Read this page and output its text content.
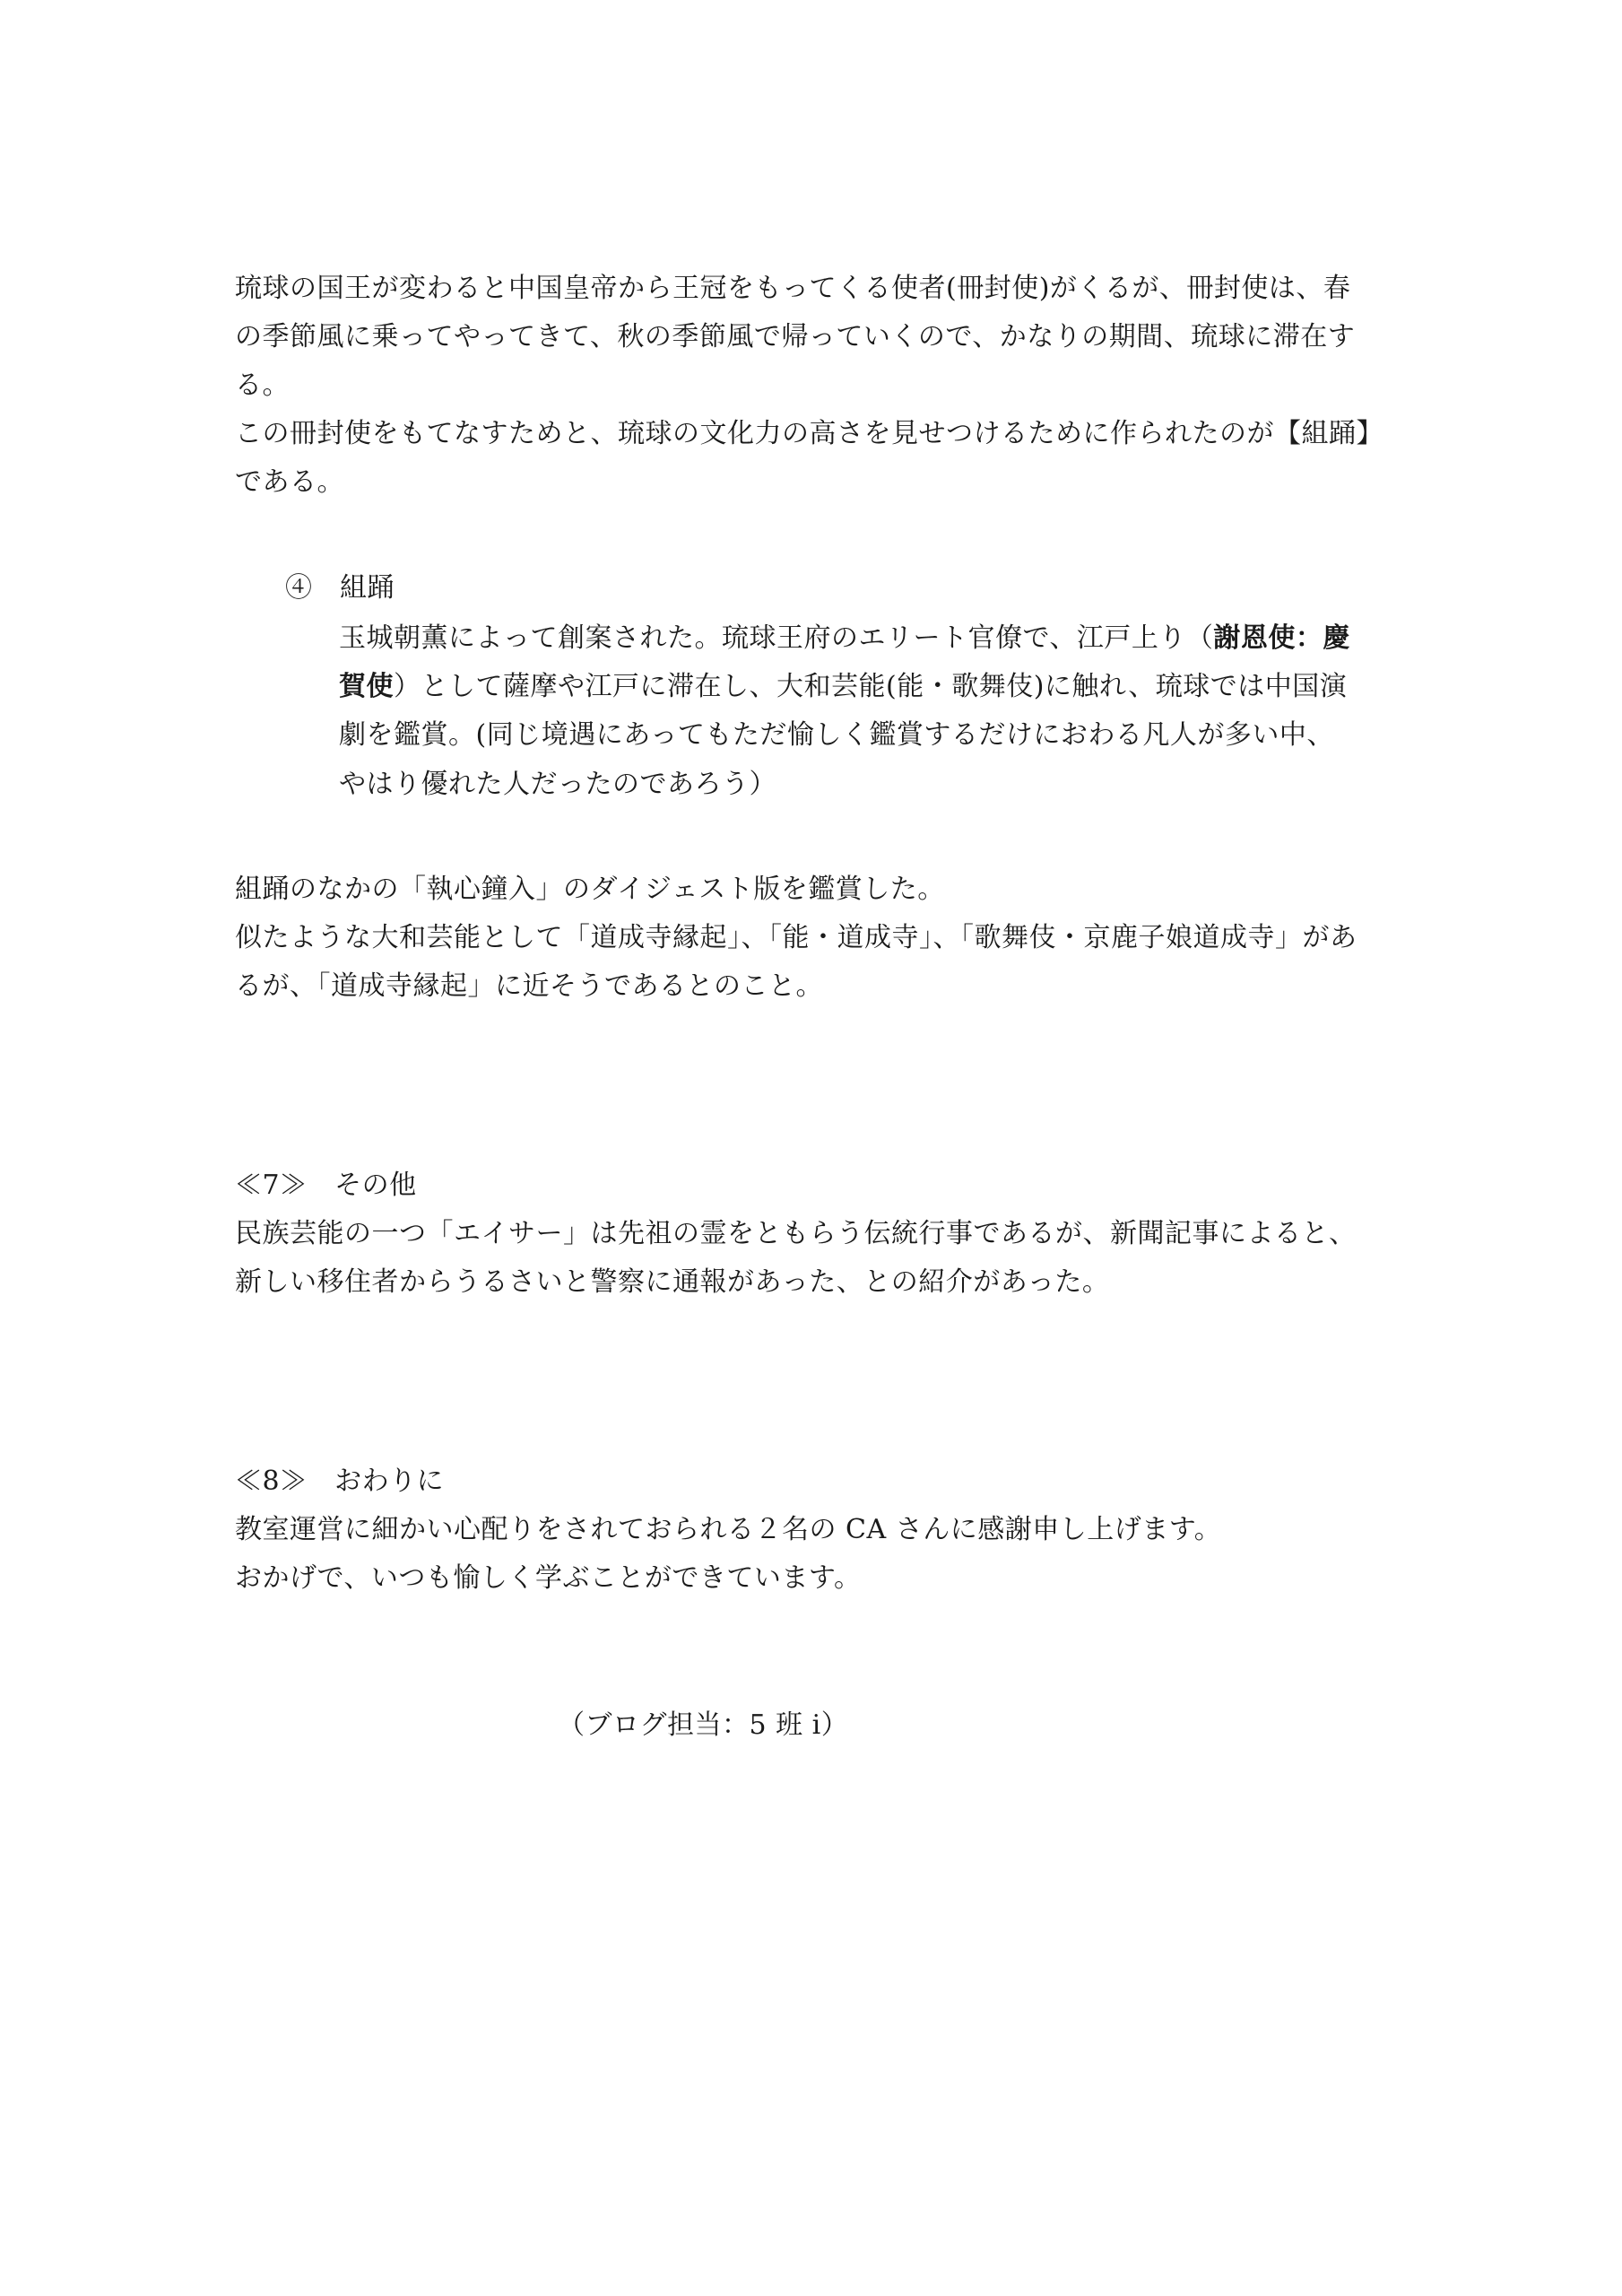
琉球の国王が変わると中国皇帝から王冠をもってくる使者(冊封使)がくるが、冊封使は、春
の季節風に乗ってやってきて、秋の季節風で帰っていくので、かなりの期間、琉球に滞在す
る。
この冊封使をもてなすためと、琉球の文化力の高さを見せつけるために作られたのが【組踊】
である。
④　 組踊
玉城朝薫によって創案された。琉球王府のエリート官僚で、江戸上り（謝恩使：慶
賀使）として薩摩や江戸に滞在し、大和芸能(能・歌舞伎)に触れ、琉球では中国演
劇を鑑賞。(同じ境遇にあってもただ愉しく鑑賞するだけにおわる凡人が多い中、
やはり優れた人だったのであろう）
組踊のなかの「執心鐘入」のダイジェスト版を鑑賞した。
似たような大和芸能として「道成寺縁起」、「能・道成寺」、「歌舞伎・京鹿子娘道成寺」があ
るが、「道成寺縁起」に近そうであるとのこと。
≪7≫　その他
民族芸能の一つ「エイサー」は先祖の霊をともらう伝統行事であるが、新聞記事によると、
新しい移住者からうるさいと警察に通報があった、との紹介があった。
≪8≫　おわりに
教室運営に細かい心配りをされておられる２名の CA さんに感謝申し上げます。
おかげで、いつも愉しく学ぶことができています。
（ブログ担当：5 班 i）
